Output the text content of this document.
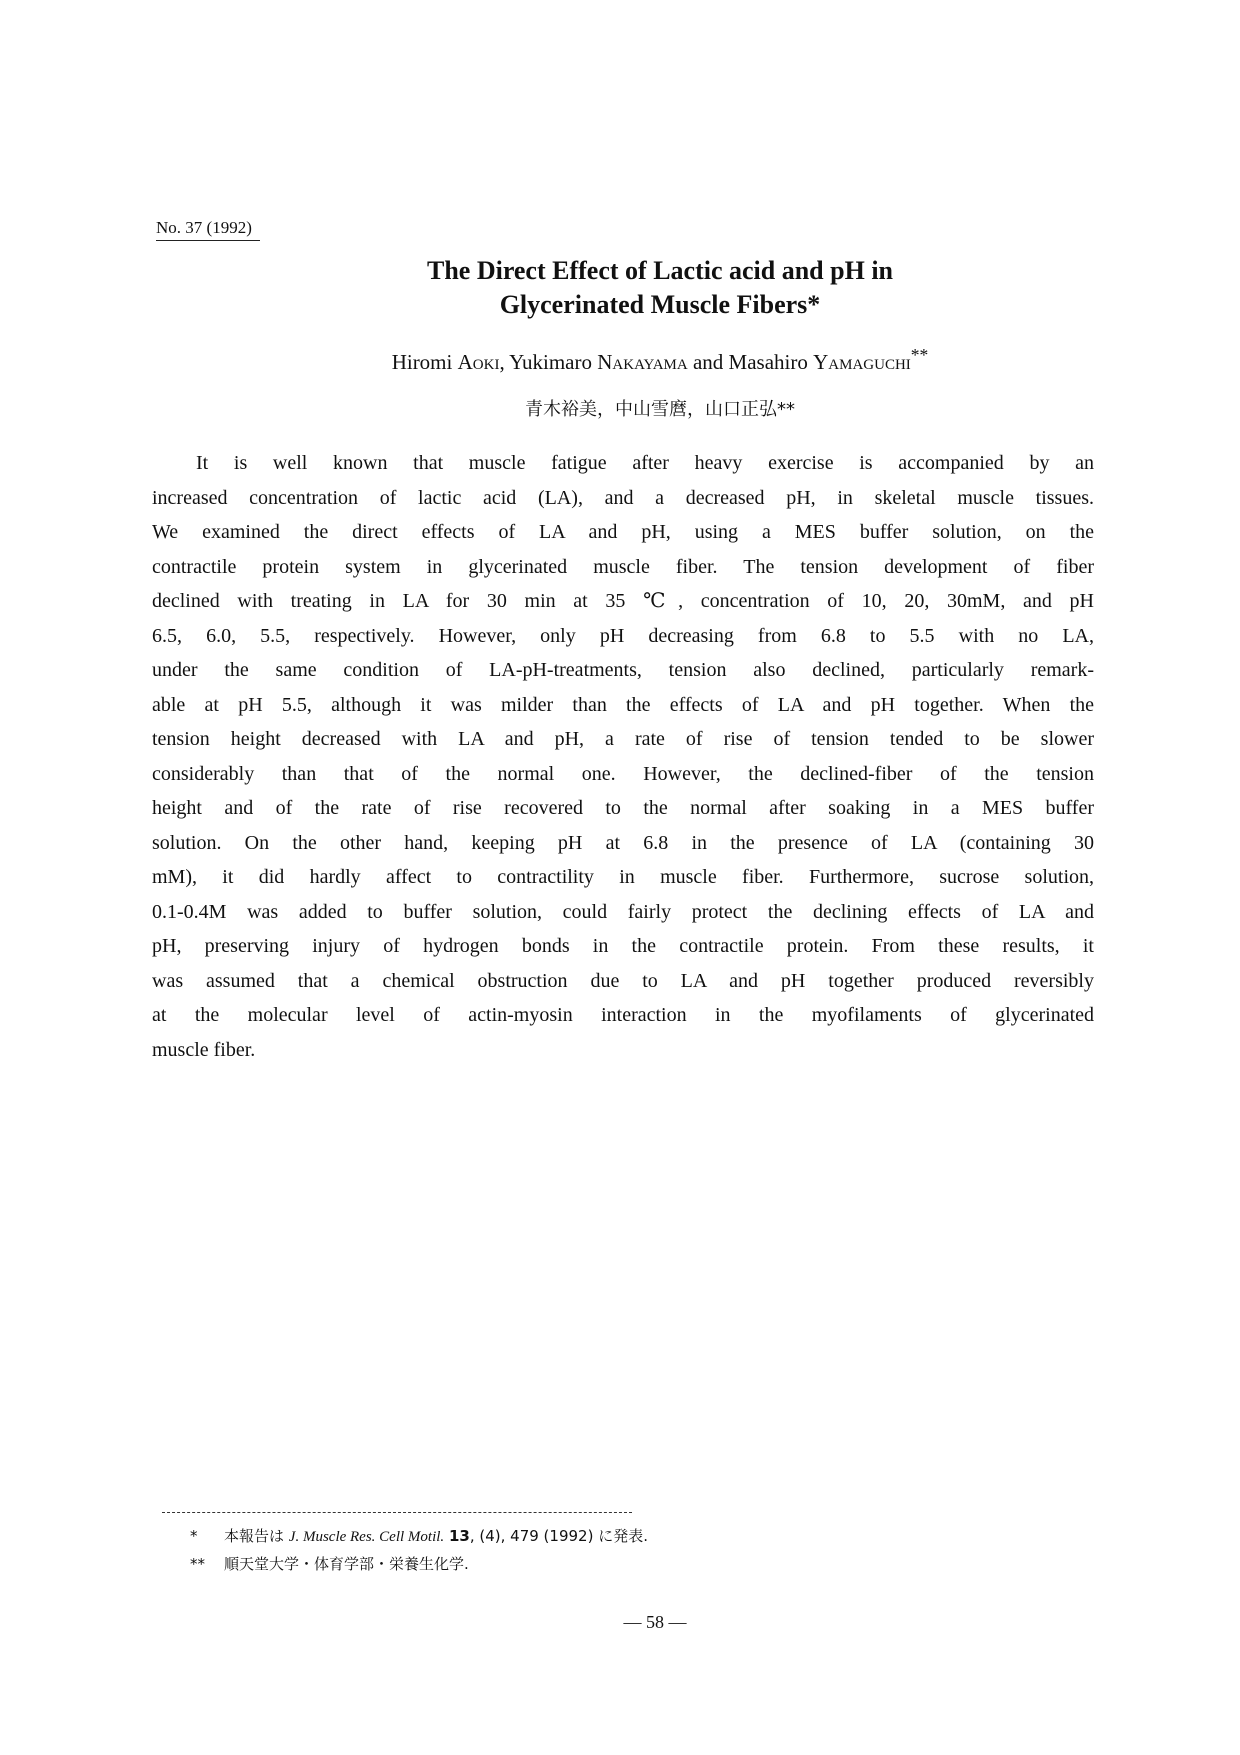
No. 37 (1992)
The Direct Effect of Lactic acid and pH in
Glycerinated Muscle Fibers*
Hiromi Aoki, Yukimaro Nakayama and Masahiro Yamaguchi**
青木裕美，中山雪麿，山口正弘**
It is well known that muscle fatigue after heavy exercise is accompanied by an
increased concentration of lactic acid (LA), and a decreased pH, in skeletal muscle tissues.
We examined the direct effects of LA and pH, using a MES buffer solution, on the
contractile protein system in glycerinated muscle fiber. The tension development of fiber
declined with treating in LA for 30 min at 35 ℃, concentration of 10, 20, 30mM, and pH
6.5, 6.0, 5.5, respectively. However, only pH decreasing from 6.8 to 5.5 with no LA,
under the same condition of LA-pH-treatments, tension also declined, particularly remark-
able at pH 5.5, although it was milder than the effects of LA and pH together. When the
tension height decreased with LA and pH, a rate of rise of tension tended to be slower
considerably than that of the normal one. However, the declined-fiber of the tension
height and of the rate of rise recovered to the normal after soaking in a MES buffer
solution. On the other hand, keeping pH at 6.8 in the presence of LA (containing 30
mM), it did hardly affect to contractility in muscle fiber. Furthermore, sucrose solution,
0.1-0.4M was added to buffer solution, could fairly protect the declining effects of LA and
pH, preserving injury of hydrogen bonds in the contractile protein. From these results, it
was assumed that a chemical obstruction due to LA and pH together produced reversibly
at the molecular level of actin-myosin interaction in the myofilaments of glycerinated
muscle fiber.
* 本報告は J. Muscle Res. Cell Motil. 13, (4), 479 (1992) に発表.
** 順天堂大学・体育学部・栄養生化学.
— 58 —
